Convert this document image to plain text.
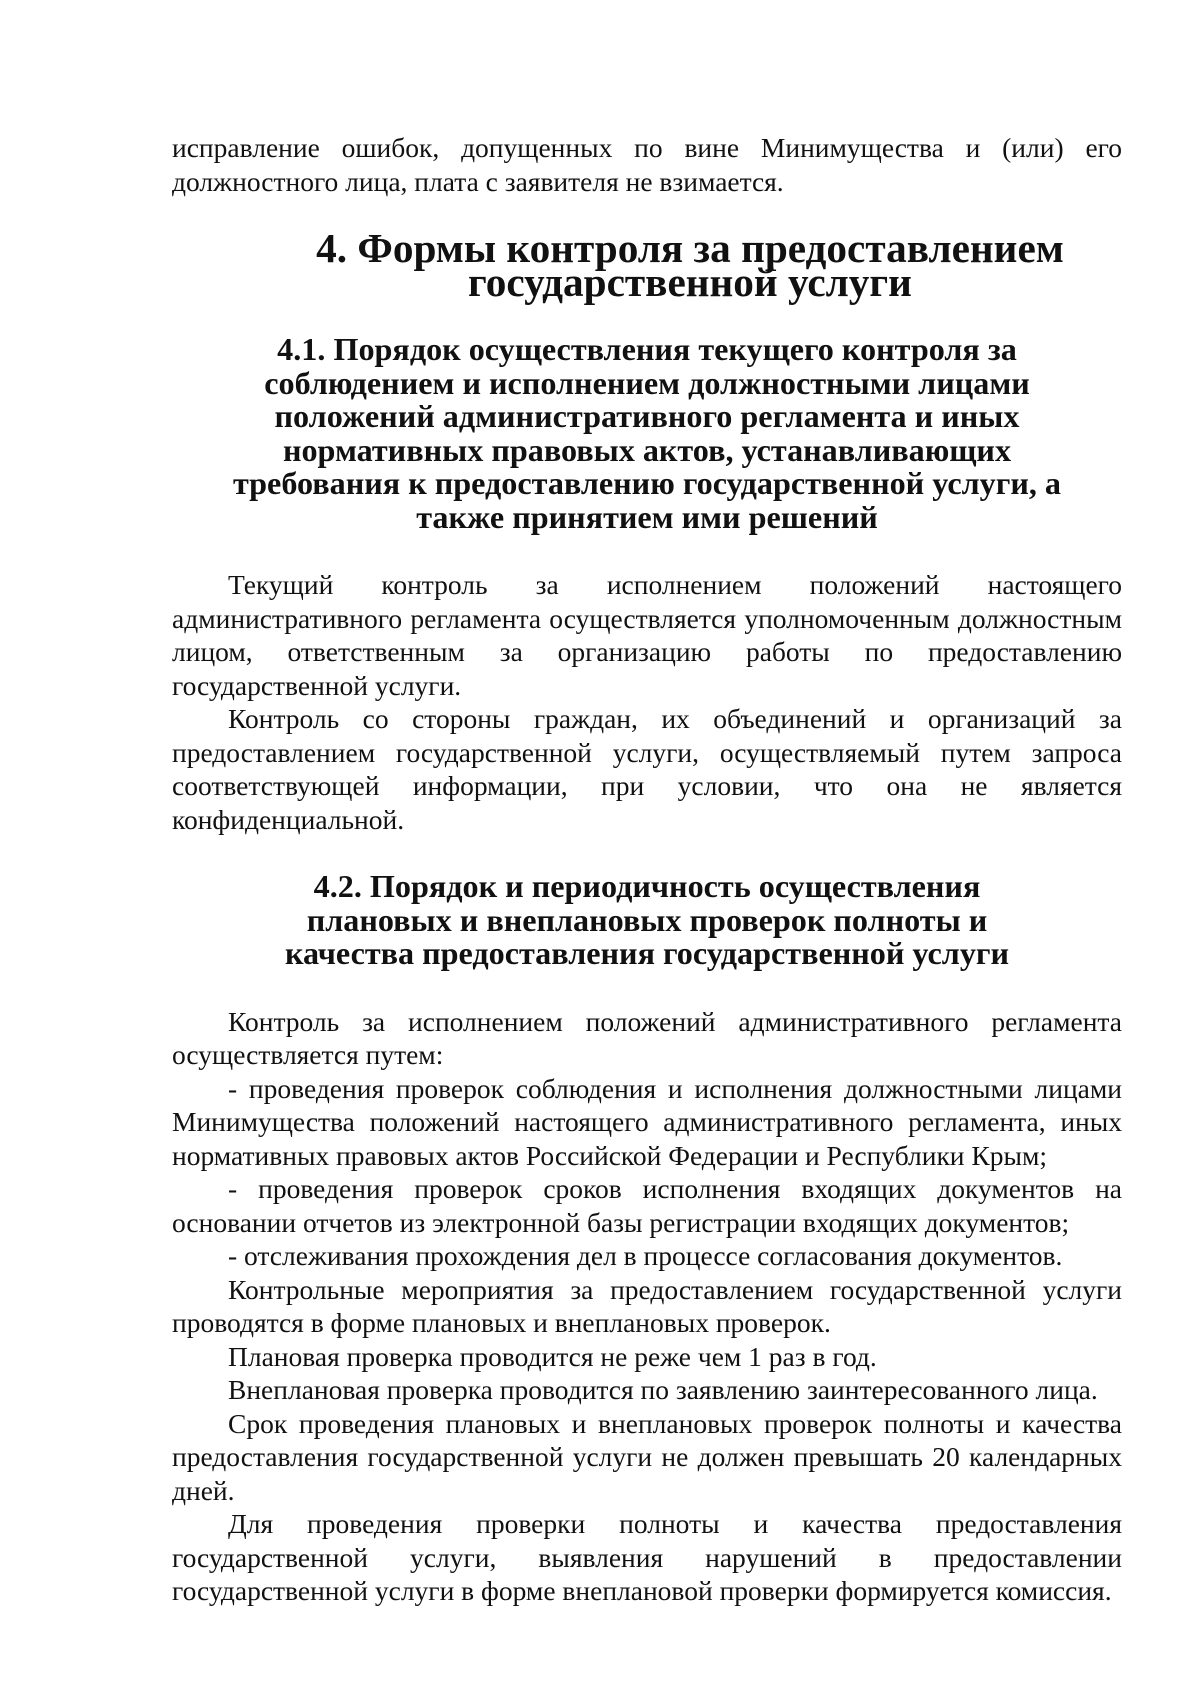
исправление ошибок, допущенных по вине Минимущества и (или) его должностного лица, плата с заявителя не взимается.

4. Формы контроля за предоставлением государственной услуги
4.1. Порядок осуществления текущего контроля за соблюдением и исполнением должностными лицами положений административного регламента и иных нормативных правовых актов, устанавливающих требования к предоставлению государственной услуги, а также принятием ими решений

Текущий контроль за исполнением положений настоящего административного регламента осуществляется уполномоченным должностным лицом, ответственным за организацию работы по предоставлению государственной услуги.

Контроль со стороны граждан, их объединений и организаций за предоставлением государственной услуги, осуществляемый путем запроса соответствующей информации, при условии, что она не является конфиденциальной.

4.2. Порядок и периодичность осуществления плановых и внеплановых проверок полноты и качества предоставления государственной услуги

Контроль за исполнением положений административного регламента осуществляется путем:

- проведения проверок соблюдения и исполнения должностными лицами Минимущества положений настоящего административного регламента, иных нормативных правовых актов Российской Федерации и Республики Крым;

- проведения проверок сроков исполнения входящих документов на основании отчетов из электронной базы регистрации входящих документов;

- отслеживания прохождения дел в процессе согласования документов.

Контрольные мероприятия за предоставлением государственной услуги проводятся в форме плановых и внеплановых проверок.

Плановая проверка проводится не реже чем 1 раз в год.

Внеплановая проверка проводится по заявлению заинтересованного лица.

Срок проведения плановых и внеплановых проверок полноты и качества предоставления государственной услуги не должен превышать 20 календарных дней.

Для проведения проверки полноты и качества предоставления государственной услуги, выявления нарушений в предоставлении государственной услуги в форме внеплановой проверки формируется комиссия.
